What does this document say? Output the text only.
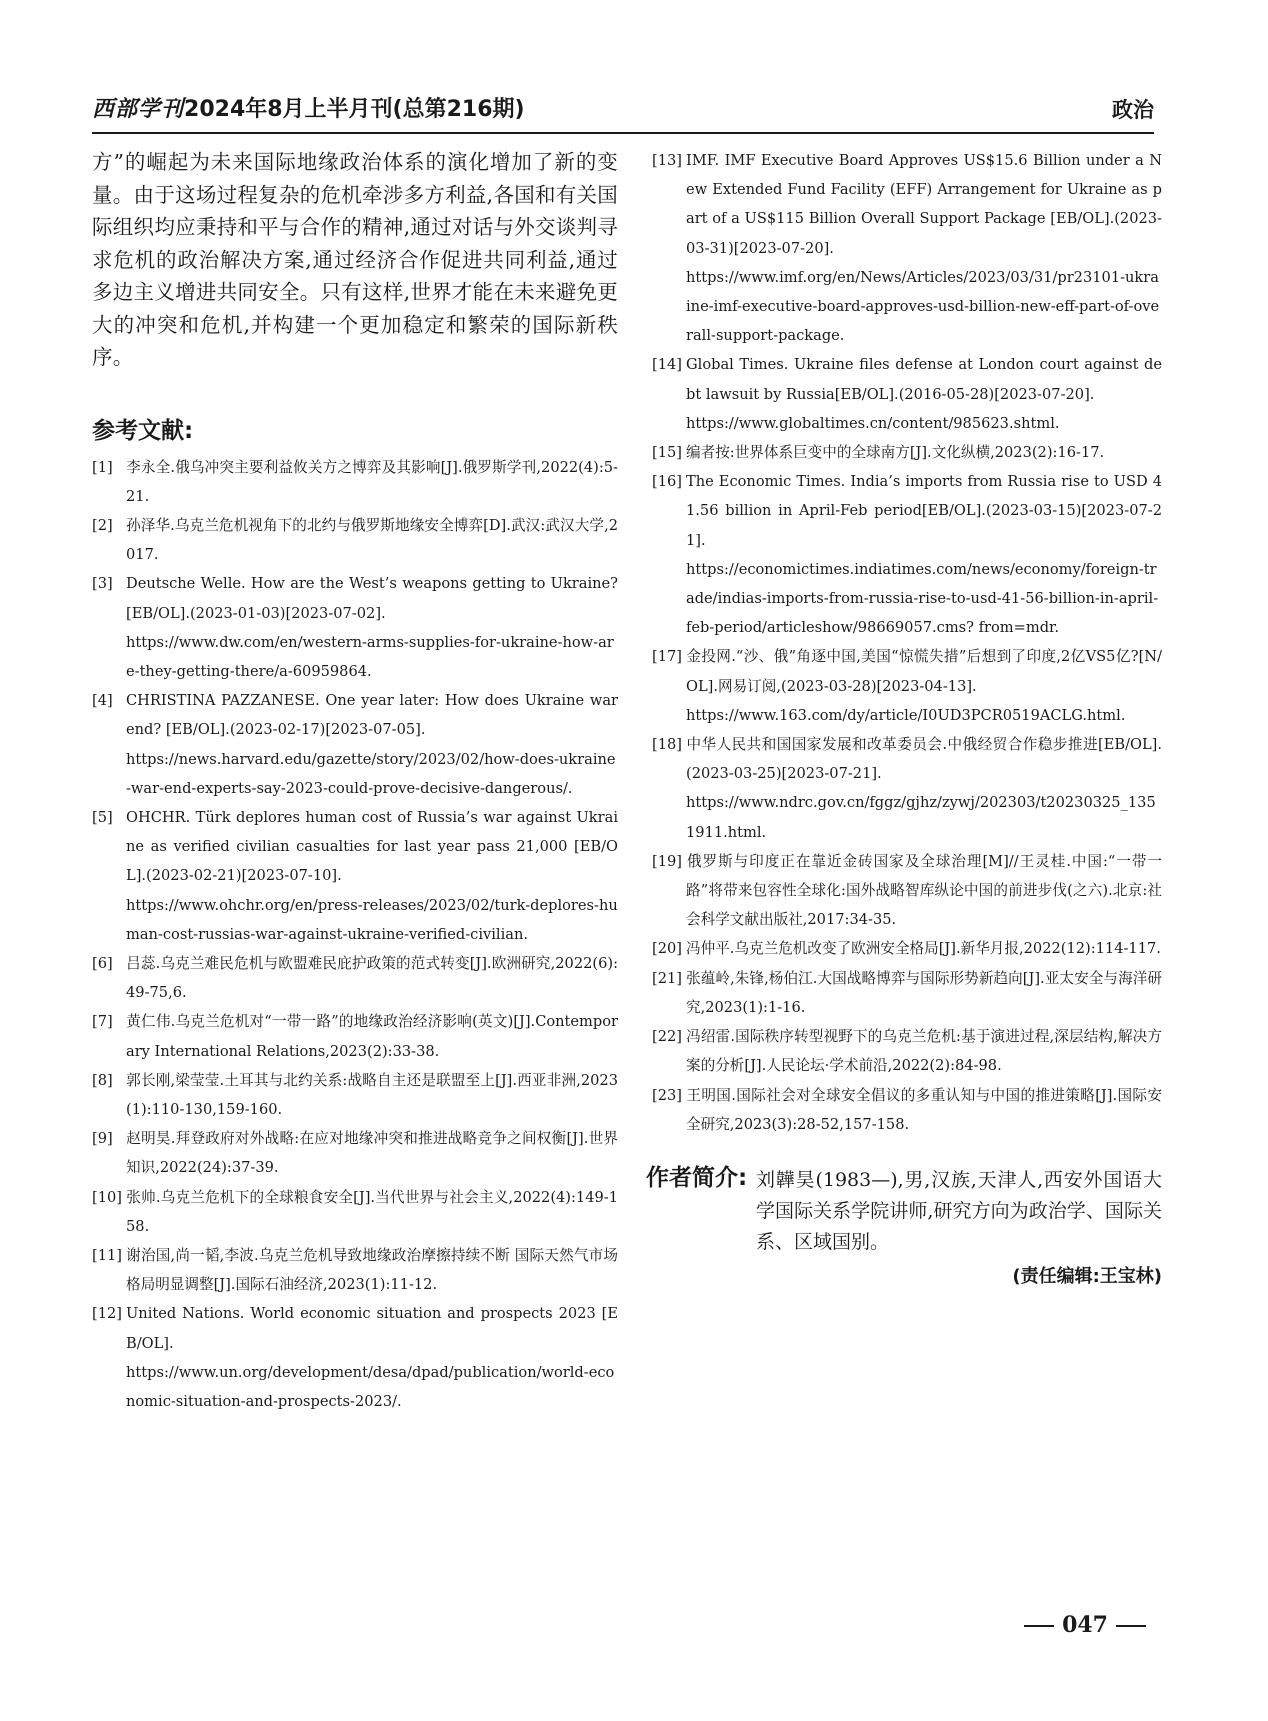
西部学刊2024年8月上半月刊(总第216期)	政治

方”的崛起为未来国际地缘政治体系的演化增加了新的变量。由于这场过程复杂的危机牵涉多方利益,各国和有关国际组织均应秉持和平与合作的精神,通过对话与外交谈判寻求危机的政治解决方案,通过经济合作促进共同利益,通过多边主义增进共同安全。只有这样,世界才能在未来避免更大的冲突和危机,并构建一个更加稳定和繁荣的国际新秩序。

参考文献:
[1] 李永全.俄乌冲突主要利益攸关方之博弈及其影响[J].俄罗斯学刊,2022(4):5-21.
[2] 孙泽华.乌克兰危机视角下的北约与俄罗斯地缘安全博弈[D].武汉:武汉大学,2017.
[3] Deutsche Welle. How are the West’s weapons getting to Ukraine? [EB/OL].(2023-01-03)[2023-07-02].
https://www.dw.com/en/western-arms-supplies-for-ukraine-how-are-they-getting-there/a-60959864.
[4] CHRISTINA PAZZANESE. One year later: How does Ukraine war end? [EB/OL].(2023-02-17)[2023-07-05].
https://news.harvard.edu/gazette/story/2023/02/how-does-ukraine-war-end-experts-say-2023-could-prove-decisive-dangerous/.
[5] OHCHR. Türk deplores human cost of Russia’s war against Ukraine as verified civilian casualties for last year pass 21,000 [EB/OL].(2023-02-21)[2023-07-10].
https://www.ohchr.org/en/press-releases/2023/02/turk-deplores-human-cost-russias-war-against-ukraine-verified-civilian.
[6] 吕蕊.乌克兰难民危机与欧盟难民庇护政策的范式转变[J].欧洲研究,2022(6):49-75,6.
[7] 黄仁伟.乌克兰危机对“一带一路”的地缘政治经济影响(英文)[J].Contemporary International Relations,2023(2):33-38.
[8] 郭长刚,梁莹莹.土耳其与北约关系:战略自主还是联盟至上[J].西亚非洲,2023(1):110-130,159-160.
[9] 赵明昊.拜登政府对外战略:在应对地缘冲突和推进战略竞争之间权衡[J].世界知识,2022(24):37-39.
[10] 张帅.乌克兰危机下的全球粮食安全[J].当代世界与社会主义,2022(4):149-158.
[11] 谢治国,尚一韬,李波.乌克兰危机导致地缘政治摩擦持续不断 国际天然气市场格局明显调整[J].国际石油经济,2023(1):11-12.
[12] United Nations. World economic situation and prospects 2023 [EB/OL].
https://www.un.org/development/desa/dpad/publication/world-economic-situation-and-prospects-2023/.
[13] IMF. IMF Executive Board Approves US$15.6 Billion under a New Extended Fund Facility (EFF) Arrangement for Ukraine as part of a US$115 Billion Overall Support Package [EB/OL].(2023-03-31)[2023-07-20].
https://www.imf.org/en/News/Articles/2023/03/31/pr23101-ukraine-imf-executive-board-approves-usd-billion-new-eff-part-of-overall-support-package.
[14] Global Times. Ukraine files defense at London court against debt lawsuit by Russia[EB/OL].(2016-05-28)[2023-07-20].
https://www.globaltimes.cn/content/985623.shtml.
[15] 编者按:世界体系巨变中的全球南方[J].文化纵横,2023(2):16-17.
[16] The Economic Times. India’s imports from Russia rise to USD 41.56 billion in April-Feb period[EB/OL].(2023-03-15)[2023-07-21].
https://economictimes.indiatimes.com/news/economy/foreign-trade/indias-imports-from-russia-rise-to-usd-41-56-billion-in-april-feb-period/articleshow/98669057.cms? from=mdr.
[17] 金投网.“沙、俄”角逐中国,美国“惊慌失措”后想到了印度,2亿VS5亿?[N/OL].网易订阅,(2023-03-28)[2023-04-13].
https://www.163.com/dy/article/I0UD3PCR0519ACLG.html.
[18] 中华人民共和国国家发展和改革委员会.中俄经贸合作稳步推进[EB/OL].(2023-03-25)[2023-07-21].
https://www.ndrc.gov.cn/fggz/gjhz/zywj/202303/t20230325_1351911.html.
[19] 俄罗斯与印度正在靠近金砖国家及全球治理[M]//王灵桂.中国:“一带一路”将带来包容性全球化:国外战略智库纵论中国的前进步伐(之六).北京:社会科学文献出版社,2017:34-35.
[20] 冯仲平.乌克兰危机改变了欧洲安全格局[J].新华月报,2022(12):114-117.
[21] 张蕴岭,朱锋,杨伯江.大国战略博弈与国际形势新趋向[J].亚太安全与海洋研究,2023(1):1-16.
[22] 冯绍雷.国际秩序转型视野下的乌克兰危机:基于演进过程,深层结构,解决方案的分析[J].人民论坛·学术前沿,2022(2):84-98.
[23] 王明国.国际社会对全球安全倡议的多重认知与中国的推进策略[J].国际安全研究,2023(3):28-52,157-158.
作者简介: 刘韡昊(1983—),男,汉族,天津人,西安外国语大学国际关系学院讲师,研究方向为政治学、国际关系、区域国别。
(责任编辑:王宝林)
047
